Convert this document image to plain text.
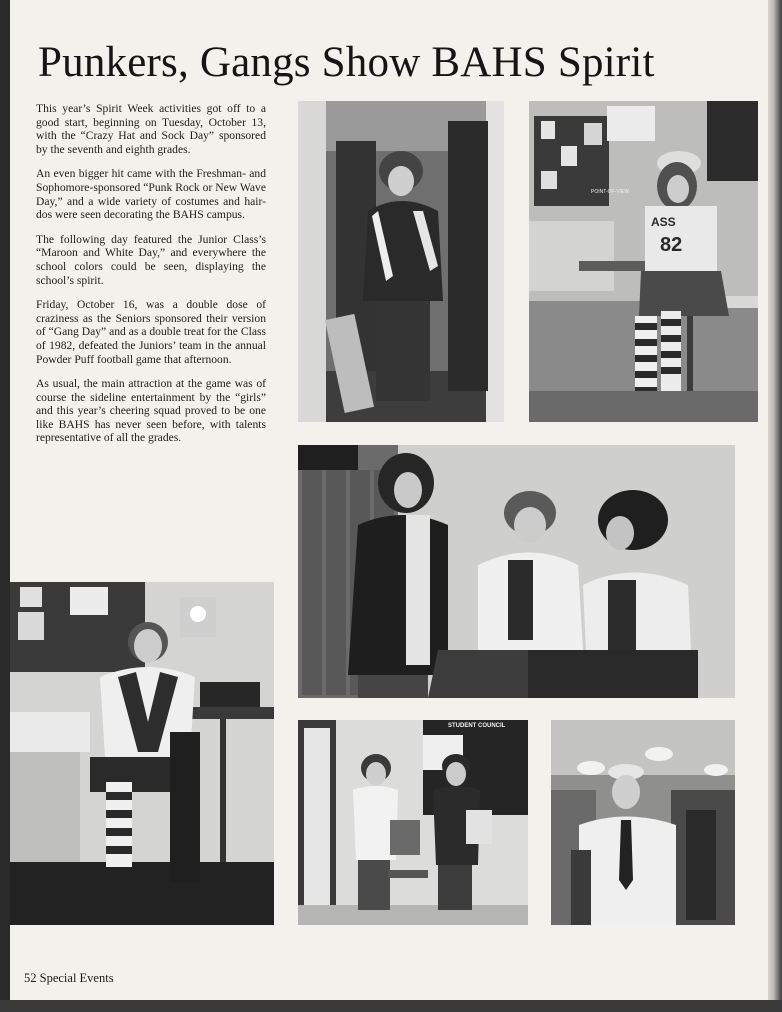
Punkers, Gangs Show BAHS Spirit

This year’s Spirit Week activities got off to a good start, beginning on Tuesday, October 13, with the “Crazy Hat and Sock Day” sponsored by the seventh and eighth grades.

An even bigger hit came with the Freshman- and Sophomore-sponsored “Punk Rock or New Wave Day,” and a wide variety of costumes and hair-dos were seen decorating the BAHS campus.

The following day featured the Junior Class’s “Maroon and White Day,” and everywhere the school colors could be seen, displaying the school’s spirit.

Friday, October 16, was a double dose of craziness as the Seniors sponsored their version of “Gang Day” and as a double treat for the Class of 1982, defeated the Juniors’ team in the annual Powder Puff football game that afternoon.

As usual, the main attraction at the game was of course the sideline entertainment by the “girls” and this year’s cheering squad proved to be one like BAHS has never seen before, with talents representative of all the grades.

POINT-OF-VIEW
ASS
82
STUDENT COUNCIL
52 Special Events
